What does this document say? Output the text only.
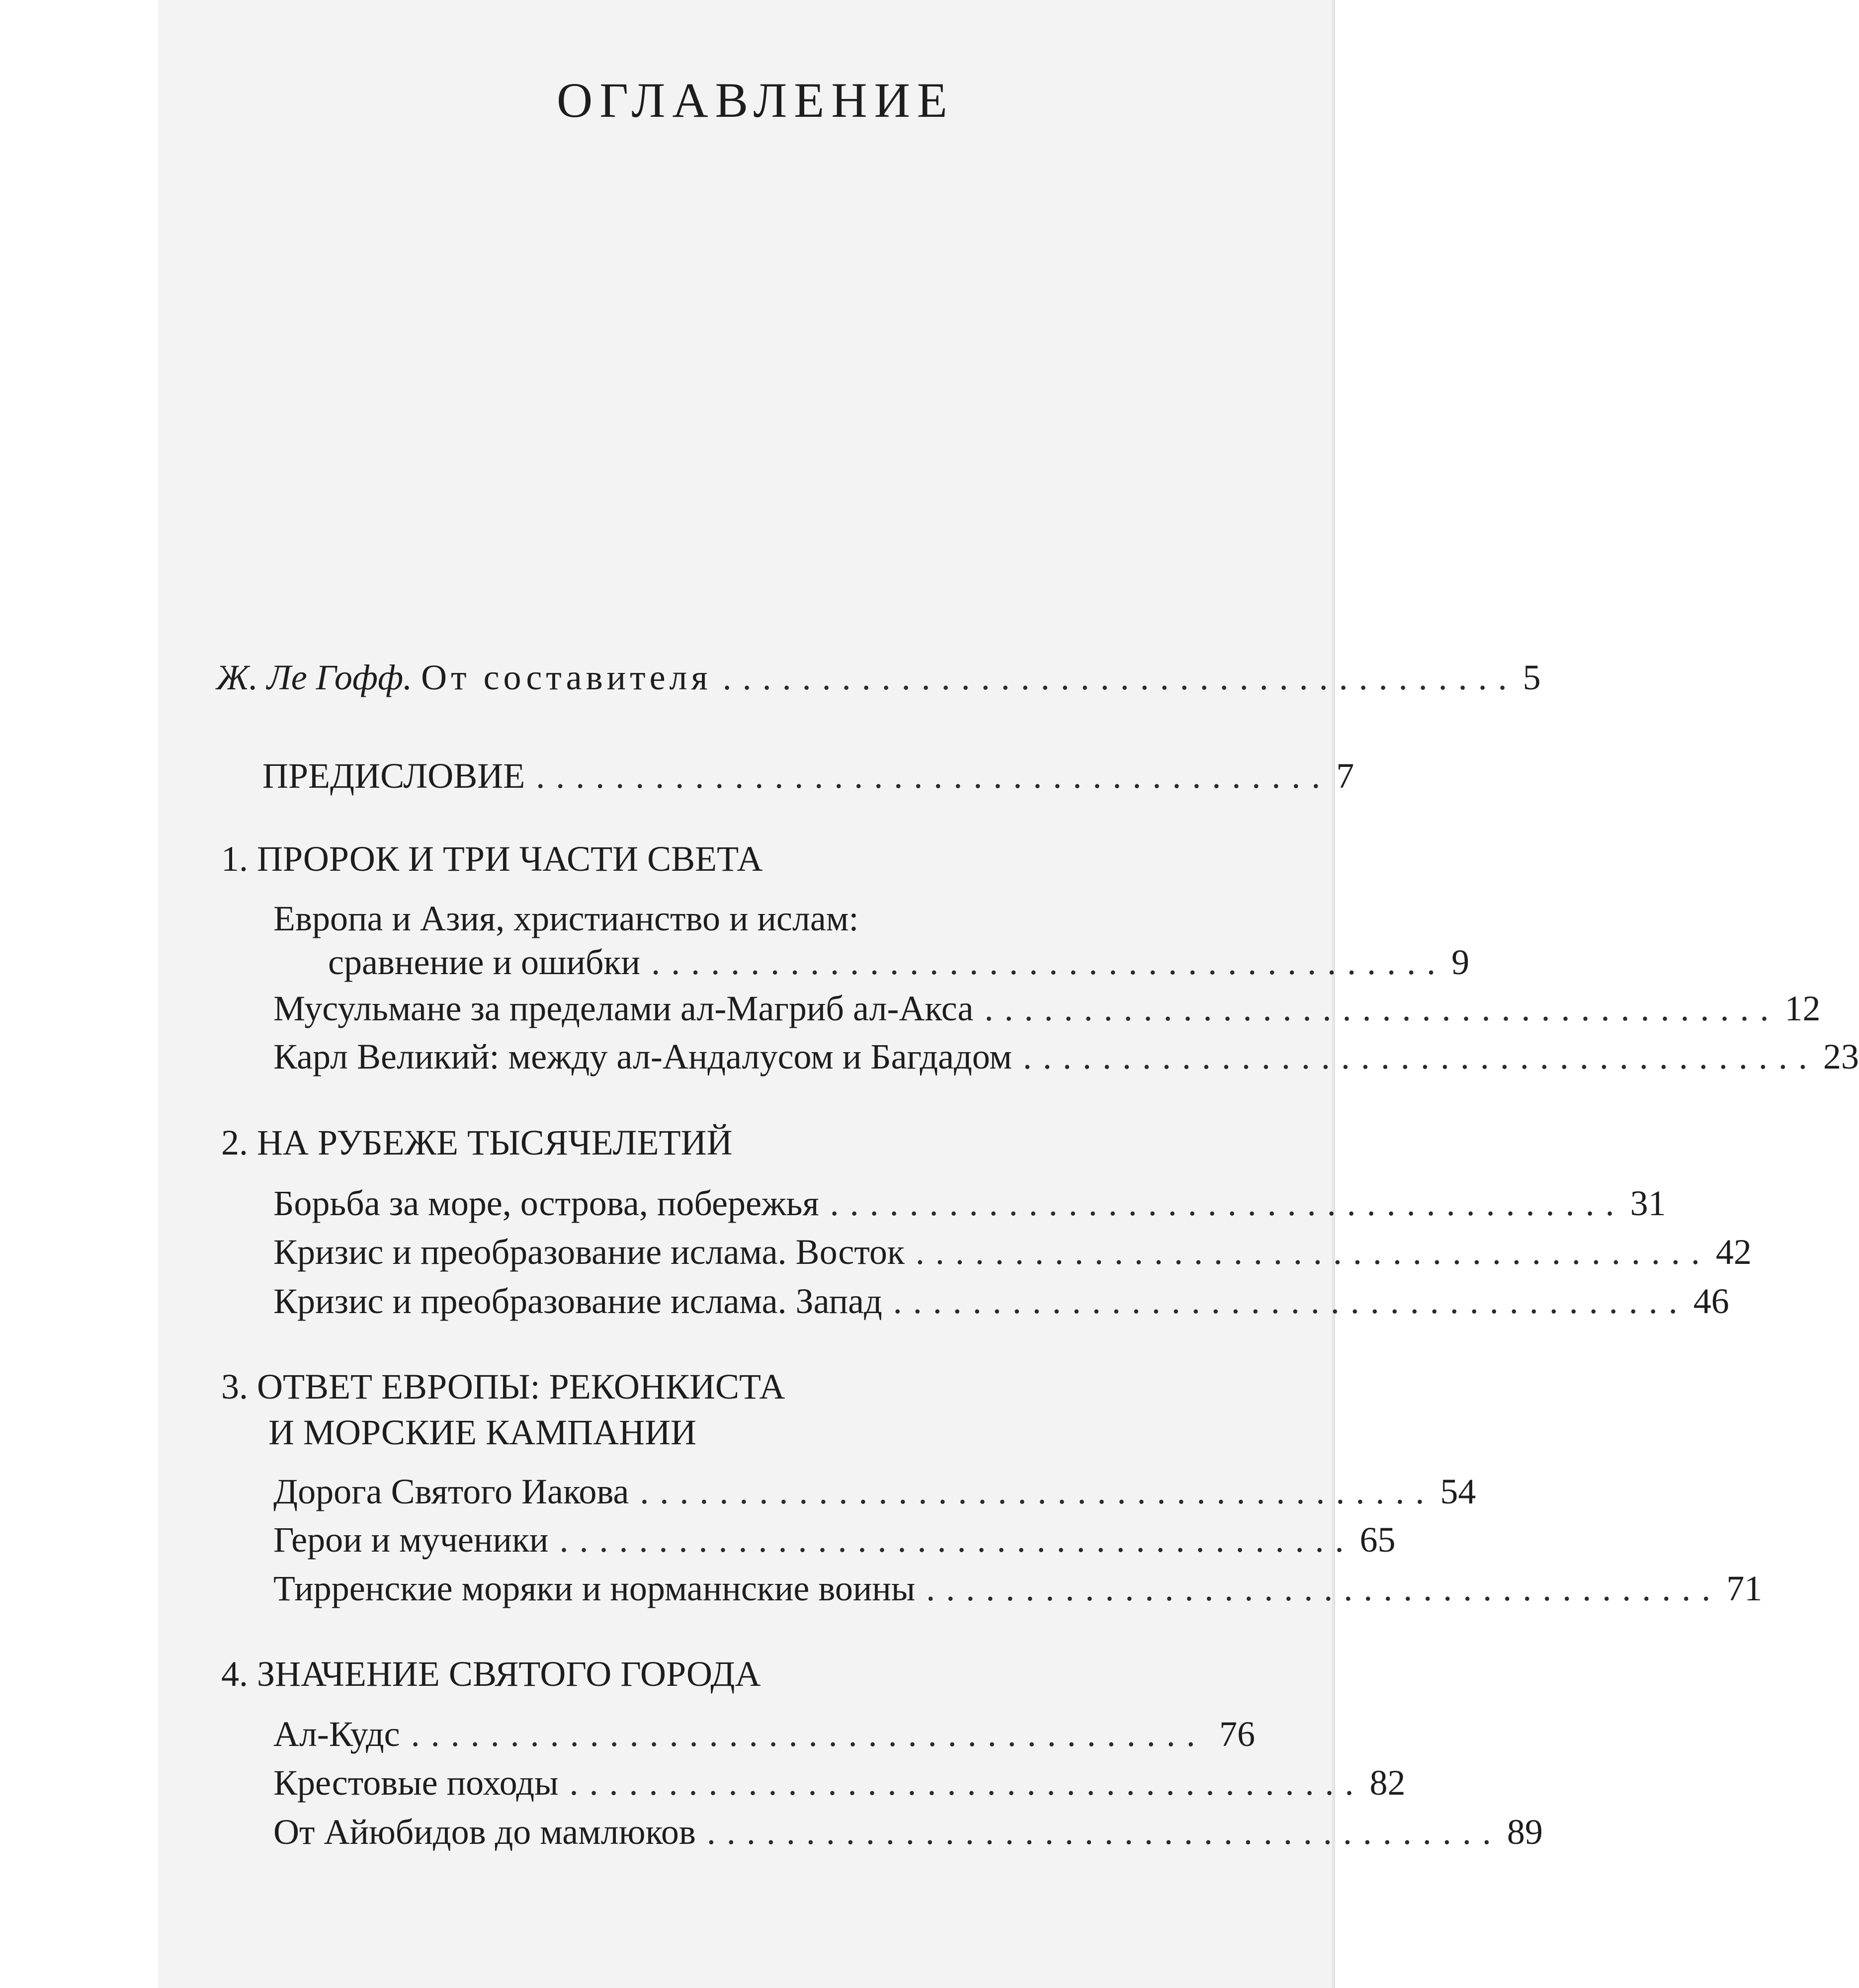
ОГЛАВЛЕНИЕ
Ж. Ле Гофф. От составителя ........................................ 5
ПРЕДИСЛОВИЕ ........................................ 7
1. ПРОРОК И ТРИ ЧАСТИ СВЕТА
Европа и Азия, христианство и ислам:
сравнение и ошибки ........................................ 9
Мусульмане за пределами ал-Магриб ал-Акса ........................................ 12
Карл Великий: между ал-Андалусом и Багдадом ........................................ 23
2. НА РУБЕЖЕ ТЫСЯЧЕЛЕТИЙ
Борьба за море, острова, побережья ........................................ 31
Кризис и преобразование ислама. Восток ........................................ 42
Кризис и преобразование ислама. Запад ........................................ 46
3. ОТВЕТ ЕВРОПЫ: РЕКОНКИСТА
И МОРСКИЕ КАМПАНИИ
Дорога Святого Иакова ........................................ 54
Герои и мученики ........................................ 65
Тирренские моряки и норманнские воины ........................................ 71
4. ЗНАЧЕНИЕ СВЯТОГО ГОРОДА
Ал-Кудс ........................................ 76
Крестовые походы ........................................ 82
От Айюбидов до мамлюков ........................................ 89
